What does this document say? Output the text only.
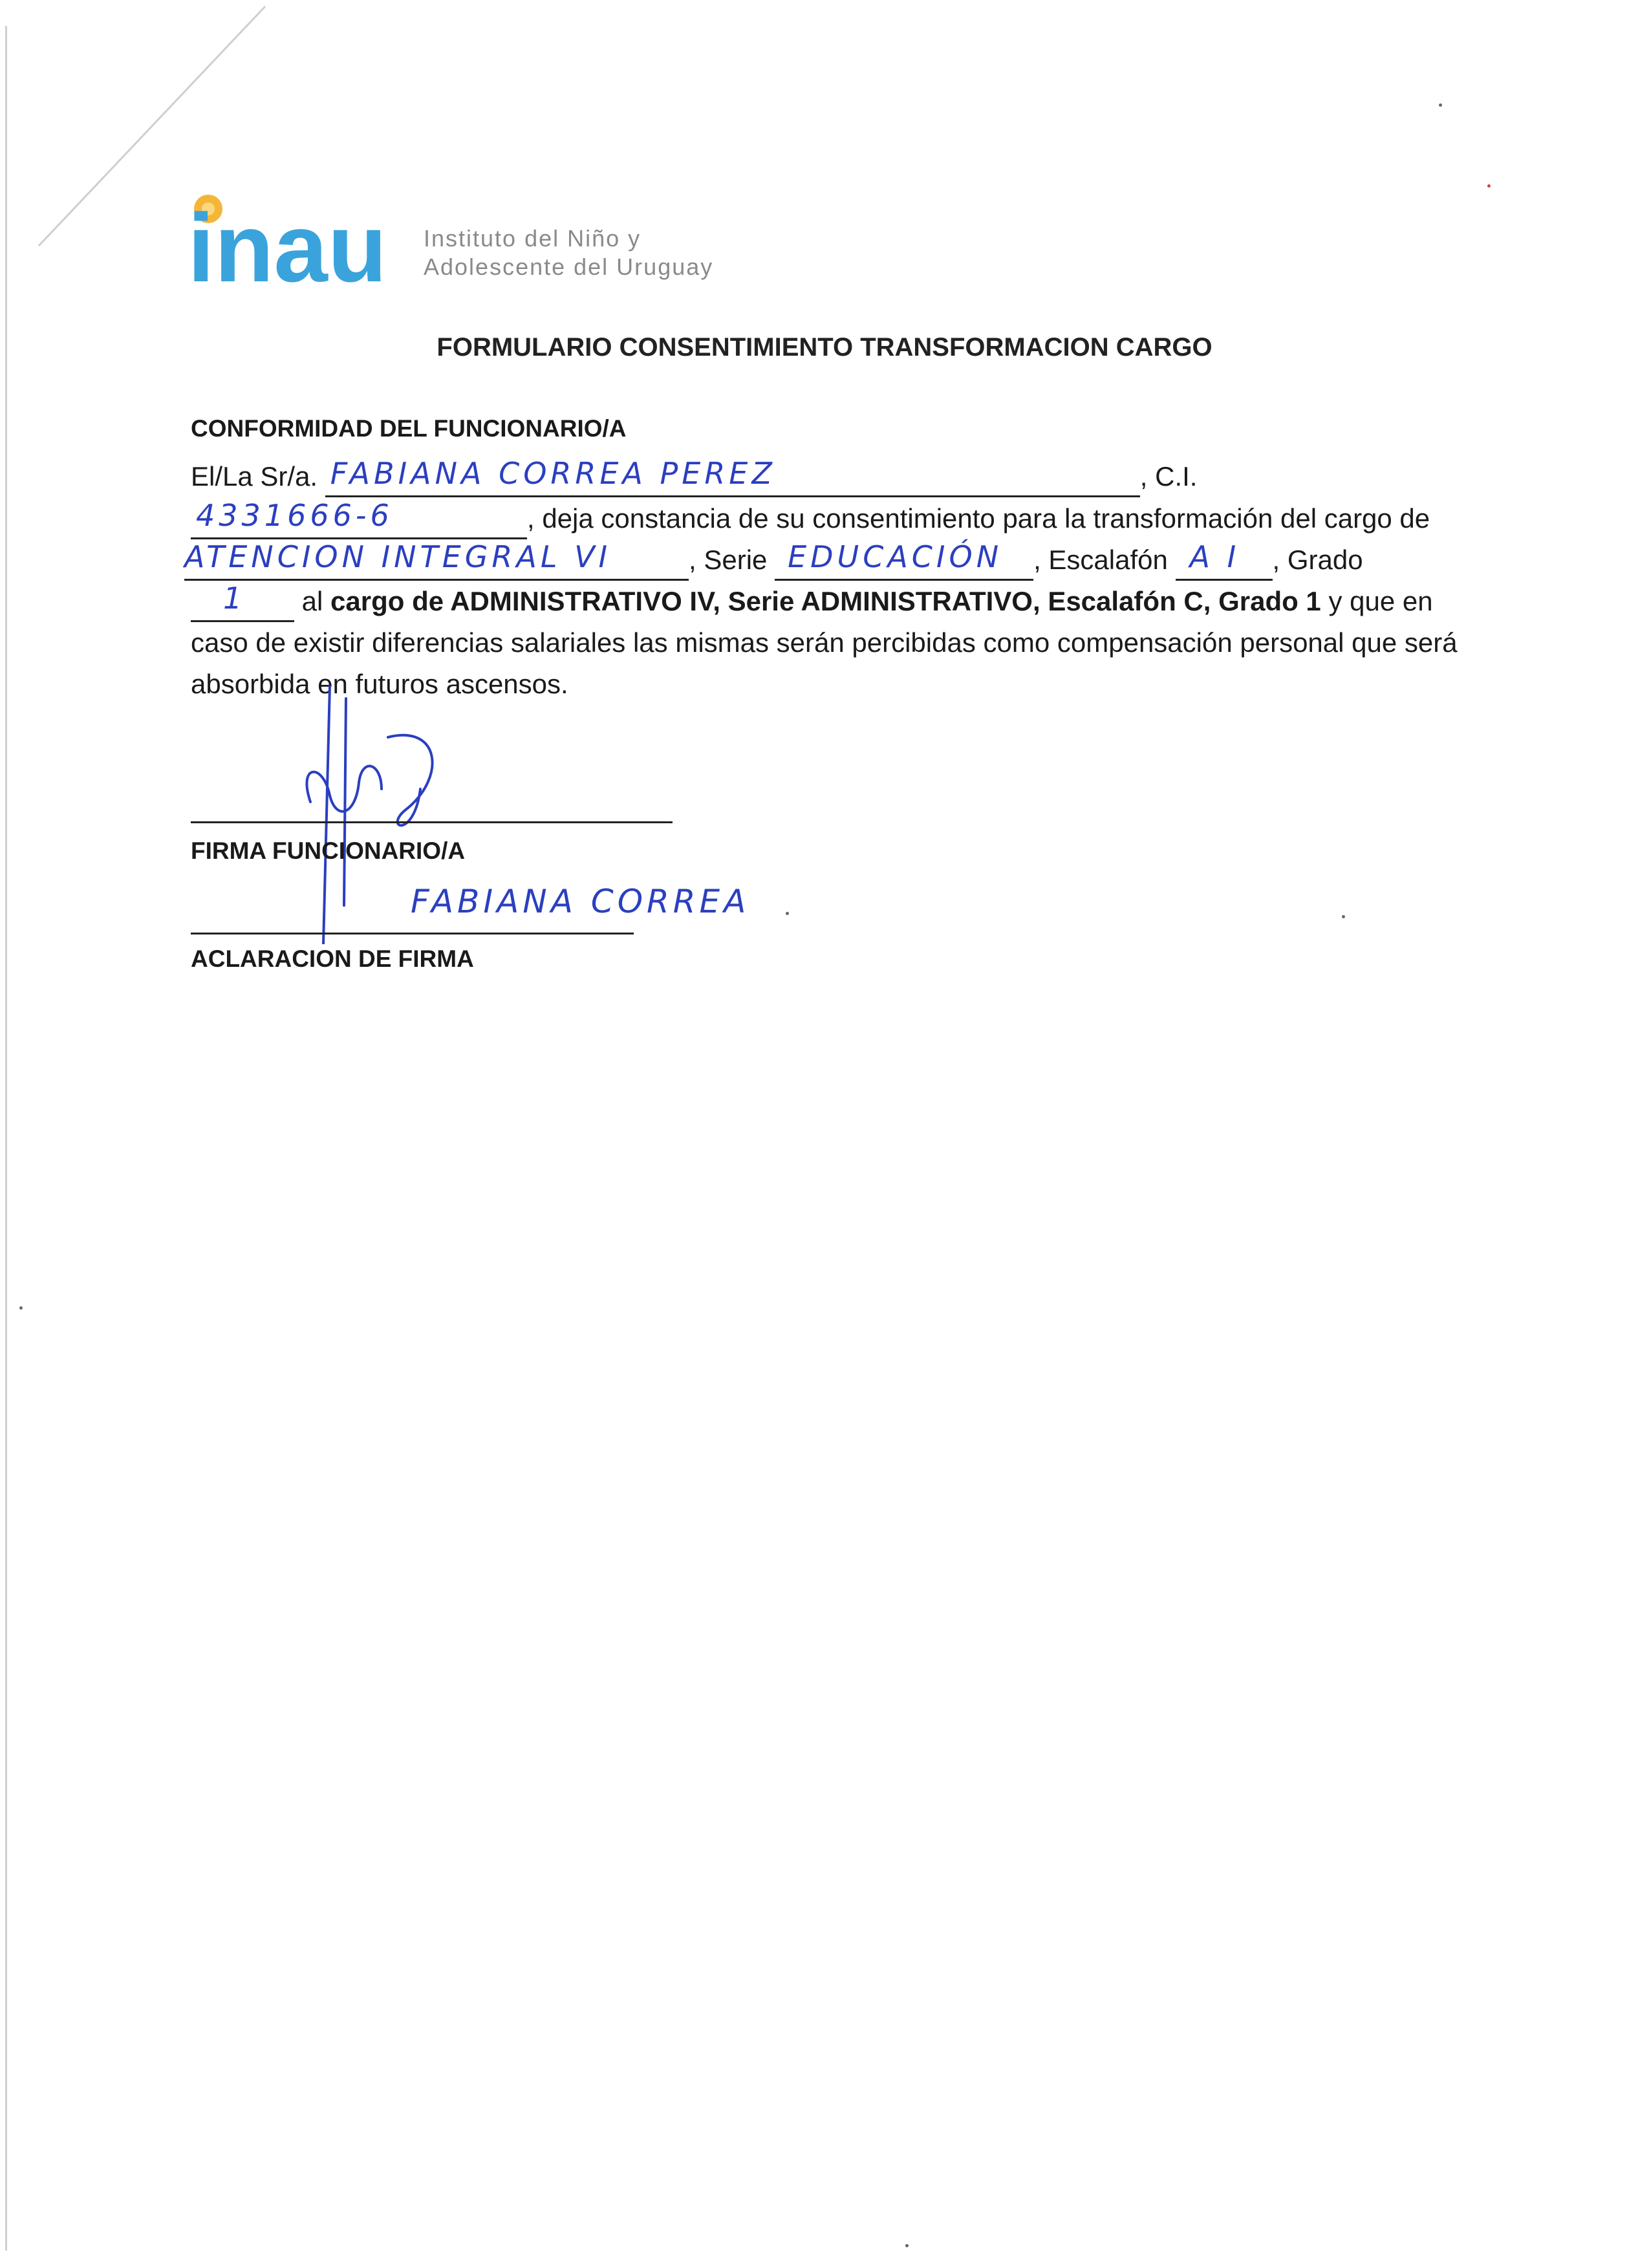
inau Instituto del Niño y
Adolescente del Uruguay
FORMULARIO CONSENTIMIENTO TRANSFORMACION CARGO
CONFORMIDAD DEL FUNCIONARIO/A
El/La Sr/a. FABIANA CORREA PEREZ	, C.I.
4331666-6	, deja constancia de su consentimiento para la transformación del cargo de
ATENCION INTEGRAL VI	, Serie EDUCACIÓN , Escalafón A I , Grado
1 al cargo de ADMINISTRATIVO IV, Serie ADMINISTRATIVO, Escalafón C, Grado 1 y que en caso de existir diferencias salariales las mismas serán percibidas como compensación personal que será absorbida en futuros ascensos.
FIRMA FUNCIONARIO/A
FABIANA CORREA
ACLARACION DE FIRMA
